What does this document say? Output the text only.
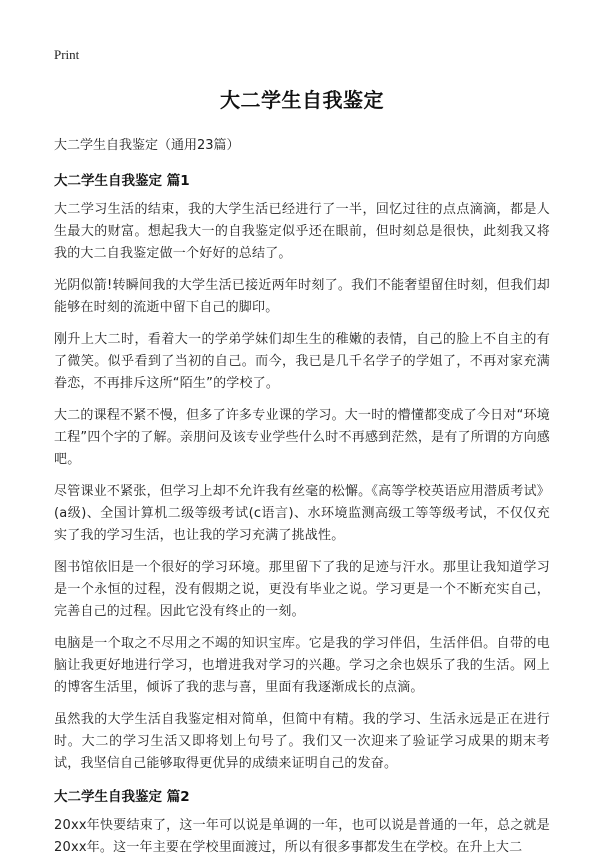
Print
大二学生自我鉴定
大二学生自我鉴定（通用23篇）
大二学生自我鉴定 篇1

大二学习生活的结束，我的大学生活已经进行了一半，回忆过往的点点滴滴，都是人生最大的财富。想起我大一的自我鉴定似乎还在眼前，但时刻总是很快，此刻我又将我的大二自我鉴定做一个好好的总结了。

光阴似箭!转瞬间我的大学生活已接近两年时刻了。我们不能奢望留住时刻，但我们却能够在时刻的流逝中留下自己的脚印。

刚升上大二时，看着大一的学弟学妹们却生生的稚嫩的表情，自己的脸上不自主的有了微笑。似乎看到了当初的自己。而今，我已是几千名学子的学姐了，不再对家充满眷恋，不再排斥这所“陌生”的学校了。

大二的课程不紧不慢，但多了许多专业课的学习。大一时的懵懂都变成了今日对“环境工程”四个字的了解。亲朋问及该专业学些什么时不再感到茫然，是有了所谓的方向感吧。

尽管课业不紧张，但学习上却不允许我有丝毫的松懈。《高等学校英语应用潜质考试》(a级)、全国计算机二级等级考试(c语言)、水环境监测高级工等等级考试，不仅仅充实了我的学习生活，也让我的学习充满了挑战性。

图书馆依旧是一个很好的学习环境。那里留下了我的足迹与汗水。那里让我知道学习是一个永恒的过程，没有假期之说，更没有毕业之说。学习更是一个不断充实自己，完善自己的过程。因此它没有终止的一刻。

电脑是一个取之不尽用之不竭的知识宝库。它是我的学习伴侣，生活伴侣。自带的电脑让我更好地进行学习，也增进我对学习的兴趣。学习之余也娱乐了我的生活。网上的博客生活里，倾诉了我的悲与喜，里面有我逐渐成长的点滴。

虽然我的大学生活自我鉴定相对简单，但简中有精。我的学习、生活永远是正在进行时。大二的学习生活又即将划上句号了。我们又一次迎来了验证学习成果的期末考试，我坚信自己能够取得更优异的成绩来证明自己的发奋。

大二学生自我鉴定 篇2

20xx年快要结束了，这一年可以说是单调的一年，也可以说是普通的一年，总之就是20xx年。这一年主要在学校里面渡过，所以有很多事都发生在学校。在升上大二
